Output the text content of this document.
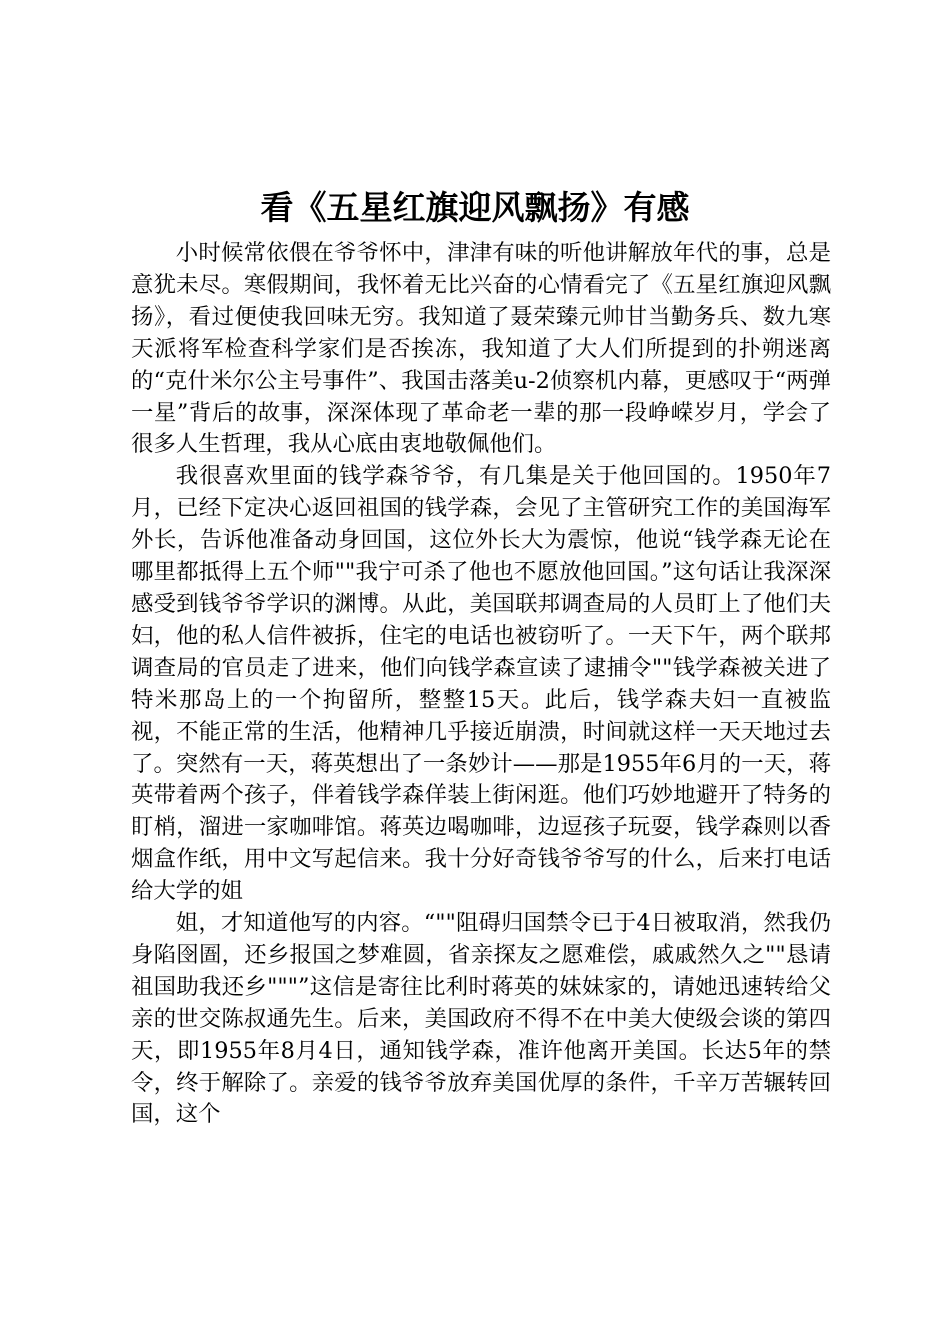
看《五星红旗迎风飘扬》有感

小时候常依偎在爷爷怀中，津津有味的听他讲解放年代的事，总是意犹未尽。寒假期间，我怀着无比兴奋的心情看完了《五星红旗迎风飘扬》，看过便使我回味无穷。我知道了聂荣臻元帅甘当勤务兵、数九寒天派将军检查科学家们是否挨冻，我知道了大人们所提到的扑朔迷离的“克什米尔公主号事件”、我国击落美u-2侦察机内幕，更感叹于“两弹一星”背后的故事，深深体现了革命老一辈的那一段峥嵘岁月，学会了很多人生哲理，我从心底由衷地敬佩他们。

我很喜欢里面的钱学森爷爷，有几集是关于他回国的。1950年7月，已经下定决心返回祖国的钱学森，会见了主管研究工作的美国海军外长，告诉他准备动身回国，这位外长大为震惊，他说“钱学森无论在哪里都抵得上五个师""我宁可杀了他也不愿放他回国。”这句话让我深深感受到钱爷爷学识的渊博。从此，美国联邦调查局的人员盯上了他们夫妇，他的私人信件被拆，住宅的电话也被窃听了。一天下午，两个联邦调查局的官员走了进来，他们向钱学森宣读了逮捕令""钱学森被关进了特米那岛上的一个拘留所，整整15天。此后，钱学森夫妇一直被监视，不能正常的生活，他精神几乎接近崩溃，时间就这样一天天地过去了。突然有一天，蒋英想出了一条妙计——那是1955年6月的一天，蒋英带着两个孩子，伴着钱学森佯装上街闲逛。他们巧妙地避开了特务的盯梢，溜进一家咖啡馆。蒋英边喝咖啡，边逗孩子玩耍，钱学森则以香烟盒作纸，用中文写起信来。我十分好奇钱爷爷写的什么，后来打电话给大学的姐

姐，才知道他写的内容。“""阻碍归国禁令已于4日被取消，然我仍身陷囹圄，还乡报国之梦难圆，省亲探友之愿难偿，戚戚然久之""恳请祖国助我还乡"""”这信是寄往比利时蒋英的妹妹家的，请她迅速转给父亲的世交陈叔通先生。后来，美国政府不得不在中美大使级会谈的第四天，即1955年8月4日，通知钱学森，准许他离开美国。长达5年的禁令，终于解除了。亲爱的钱爷爷放弃美国优厚的条件，千辛万苦辗转回国，这个
